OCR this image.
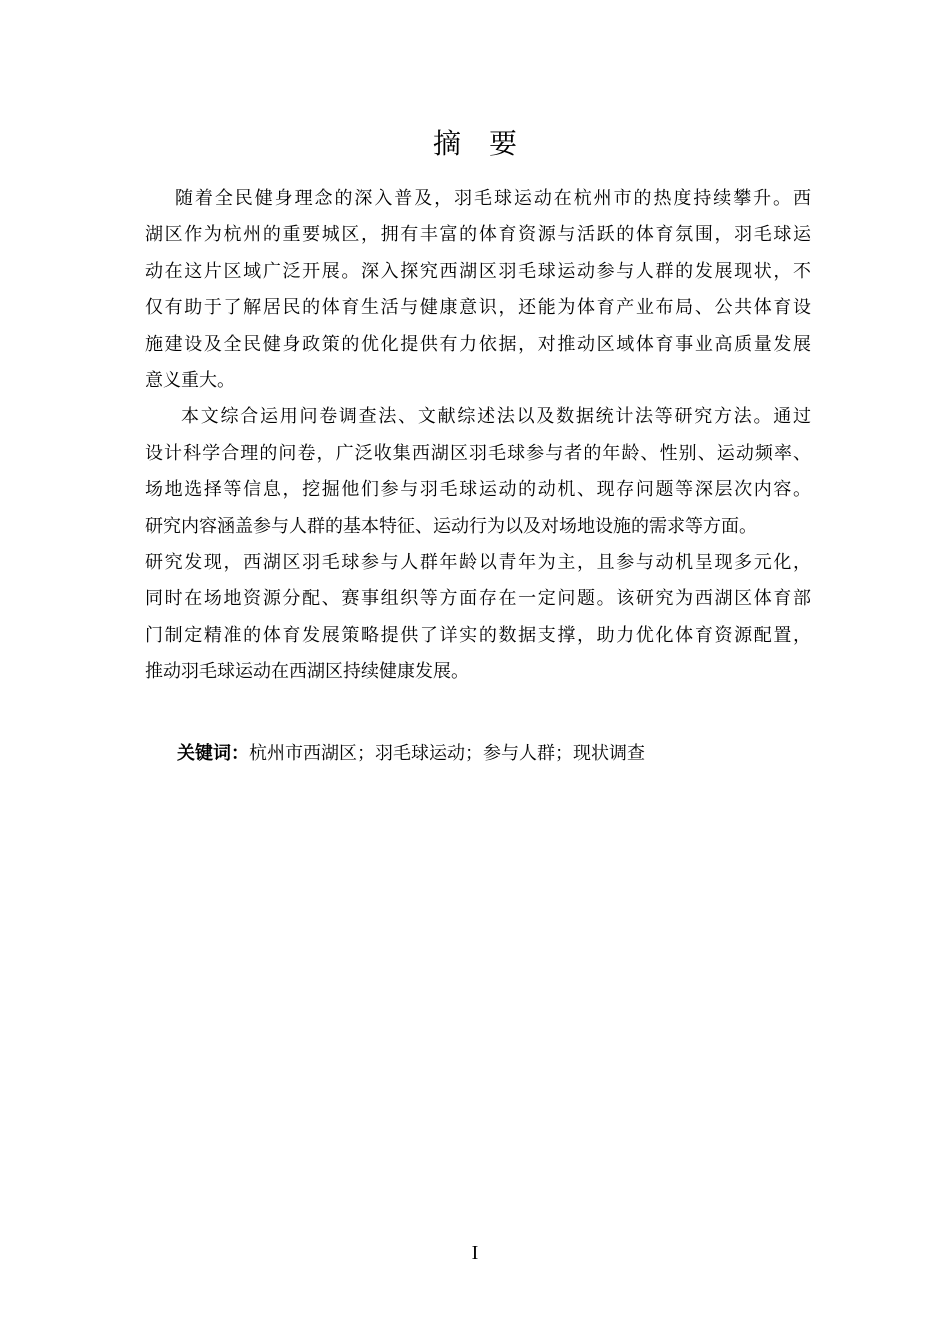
摘 要
随着全民健身理念的深入普及，羽毛球运动在杭州市的热度持续攀升。西
湖区作为杭州的重要城区，拥有丰富的体育资源与活跃的体育氛围，羽毛球运
动在这片区域广泛开展。深入探究西湖区羽毛球运动参与人群的发展现状，不
仅有助于了解居民的体育生活与健康意识，还能为体育产业布局、公共体育设
施建设及全民健身政策的优化提供有力依据，对推动区域体育事业高质量发展
意义重大。
本文综合运用问卷调查法、文献综述法以及数据统计法等研究方法。通过
设计科学合理的问卷，广泛收集西湖区羽毛球参与者的年龄、性别、运动频率、
场地选择等信息，挖掘他们参与羽毛球运动的动机、现存问题等深层次内容。
研究内容涵盖参与人群的基本特征、运动行为以及对场地设施的需求等方面。
研究发现，西湖区羽毛球参与人群年龄以青年为主，且参与动机呈现多元化，
同时在场地资源分配、赛事组织等方面存在一定问题。该研究为西湖区体育部
门制定精准的体育发展策略提供了详实的数据支撑，助力优化体育资源配置，
推动羽毛球运动在西湖区持续健康发展。
关键词：杭州市西湖区；羽毛球运动；参与人群；现状调查
I
